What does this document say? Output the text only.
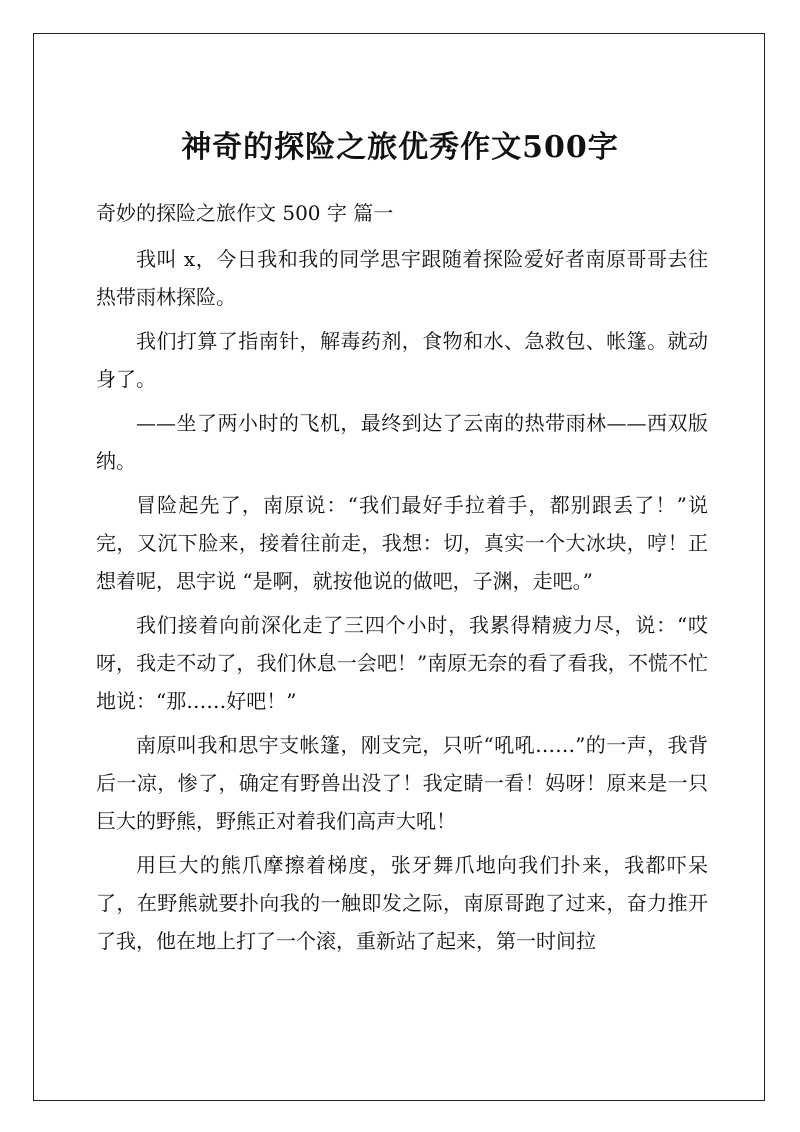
神奇的探险之旅优秀作文500字
奇妙的探险之旅作文 500 字 篇一

我叫 x，今日我和我的同学思宇跟随着探险爱好者南原哥哥去往热带雨林探险。

我们打算了指南针，解毒药剂，食物和水、急救包、帐篷。就动身了。

——坐了两小时的飞机，最终到达了云南的热带雨林——西双版纳。

冒险起先了，南原说：“我们最好手拉着手，都别跟丢了！”说完，又沉下脸来，接着往前走，我想：切，真实一个大冰块，哼！正想着呢，思宇说 “是啊，就按他说的做吧，子渊，走吧。”

我们接着向前深化走了三四个小时，我累得精疲力尽，说：“哎呀，我走不动了，我们休息一会吧！”南原无奈的看了看我，不慌不忙地说：“那……好吧！”

南原叫我和思宇支帐篷，刚支完，只听“吼吼……”的一声，我背后一凉，惨了，确定有野兽出没了！我定睛一看！妈呀！原来是一只巨大的野熊，野熊正对着我们高声大吼！

用巨大的熊爪摩擦着梯度，张牙舞爪地向我们扑来，我都吓呆了，在野熊就要扑向我的一触即发之际，南原哥跑了过来，奋力推开了我，他在地上打了一个滚，重新站了起来，第一时间拉
